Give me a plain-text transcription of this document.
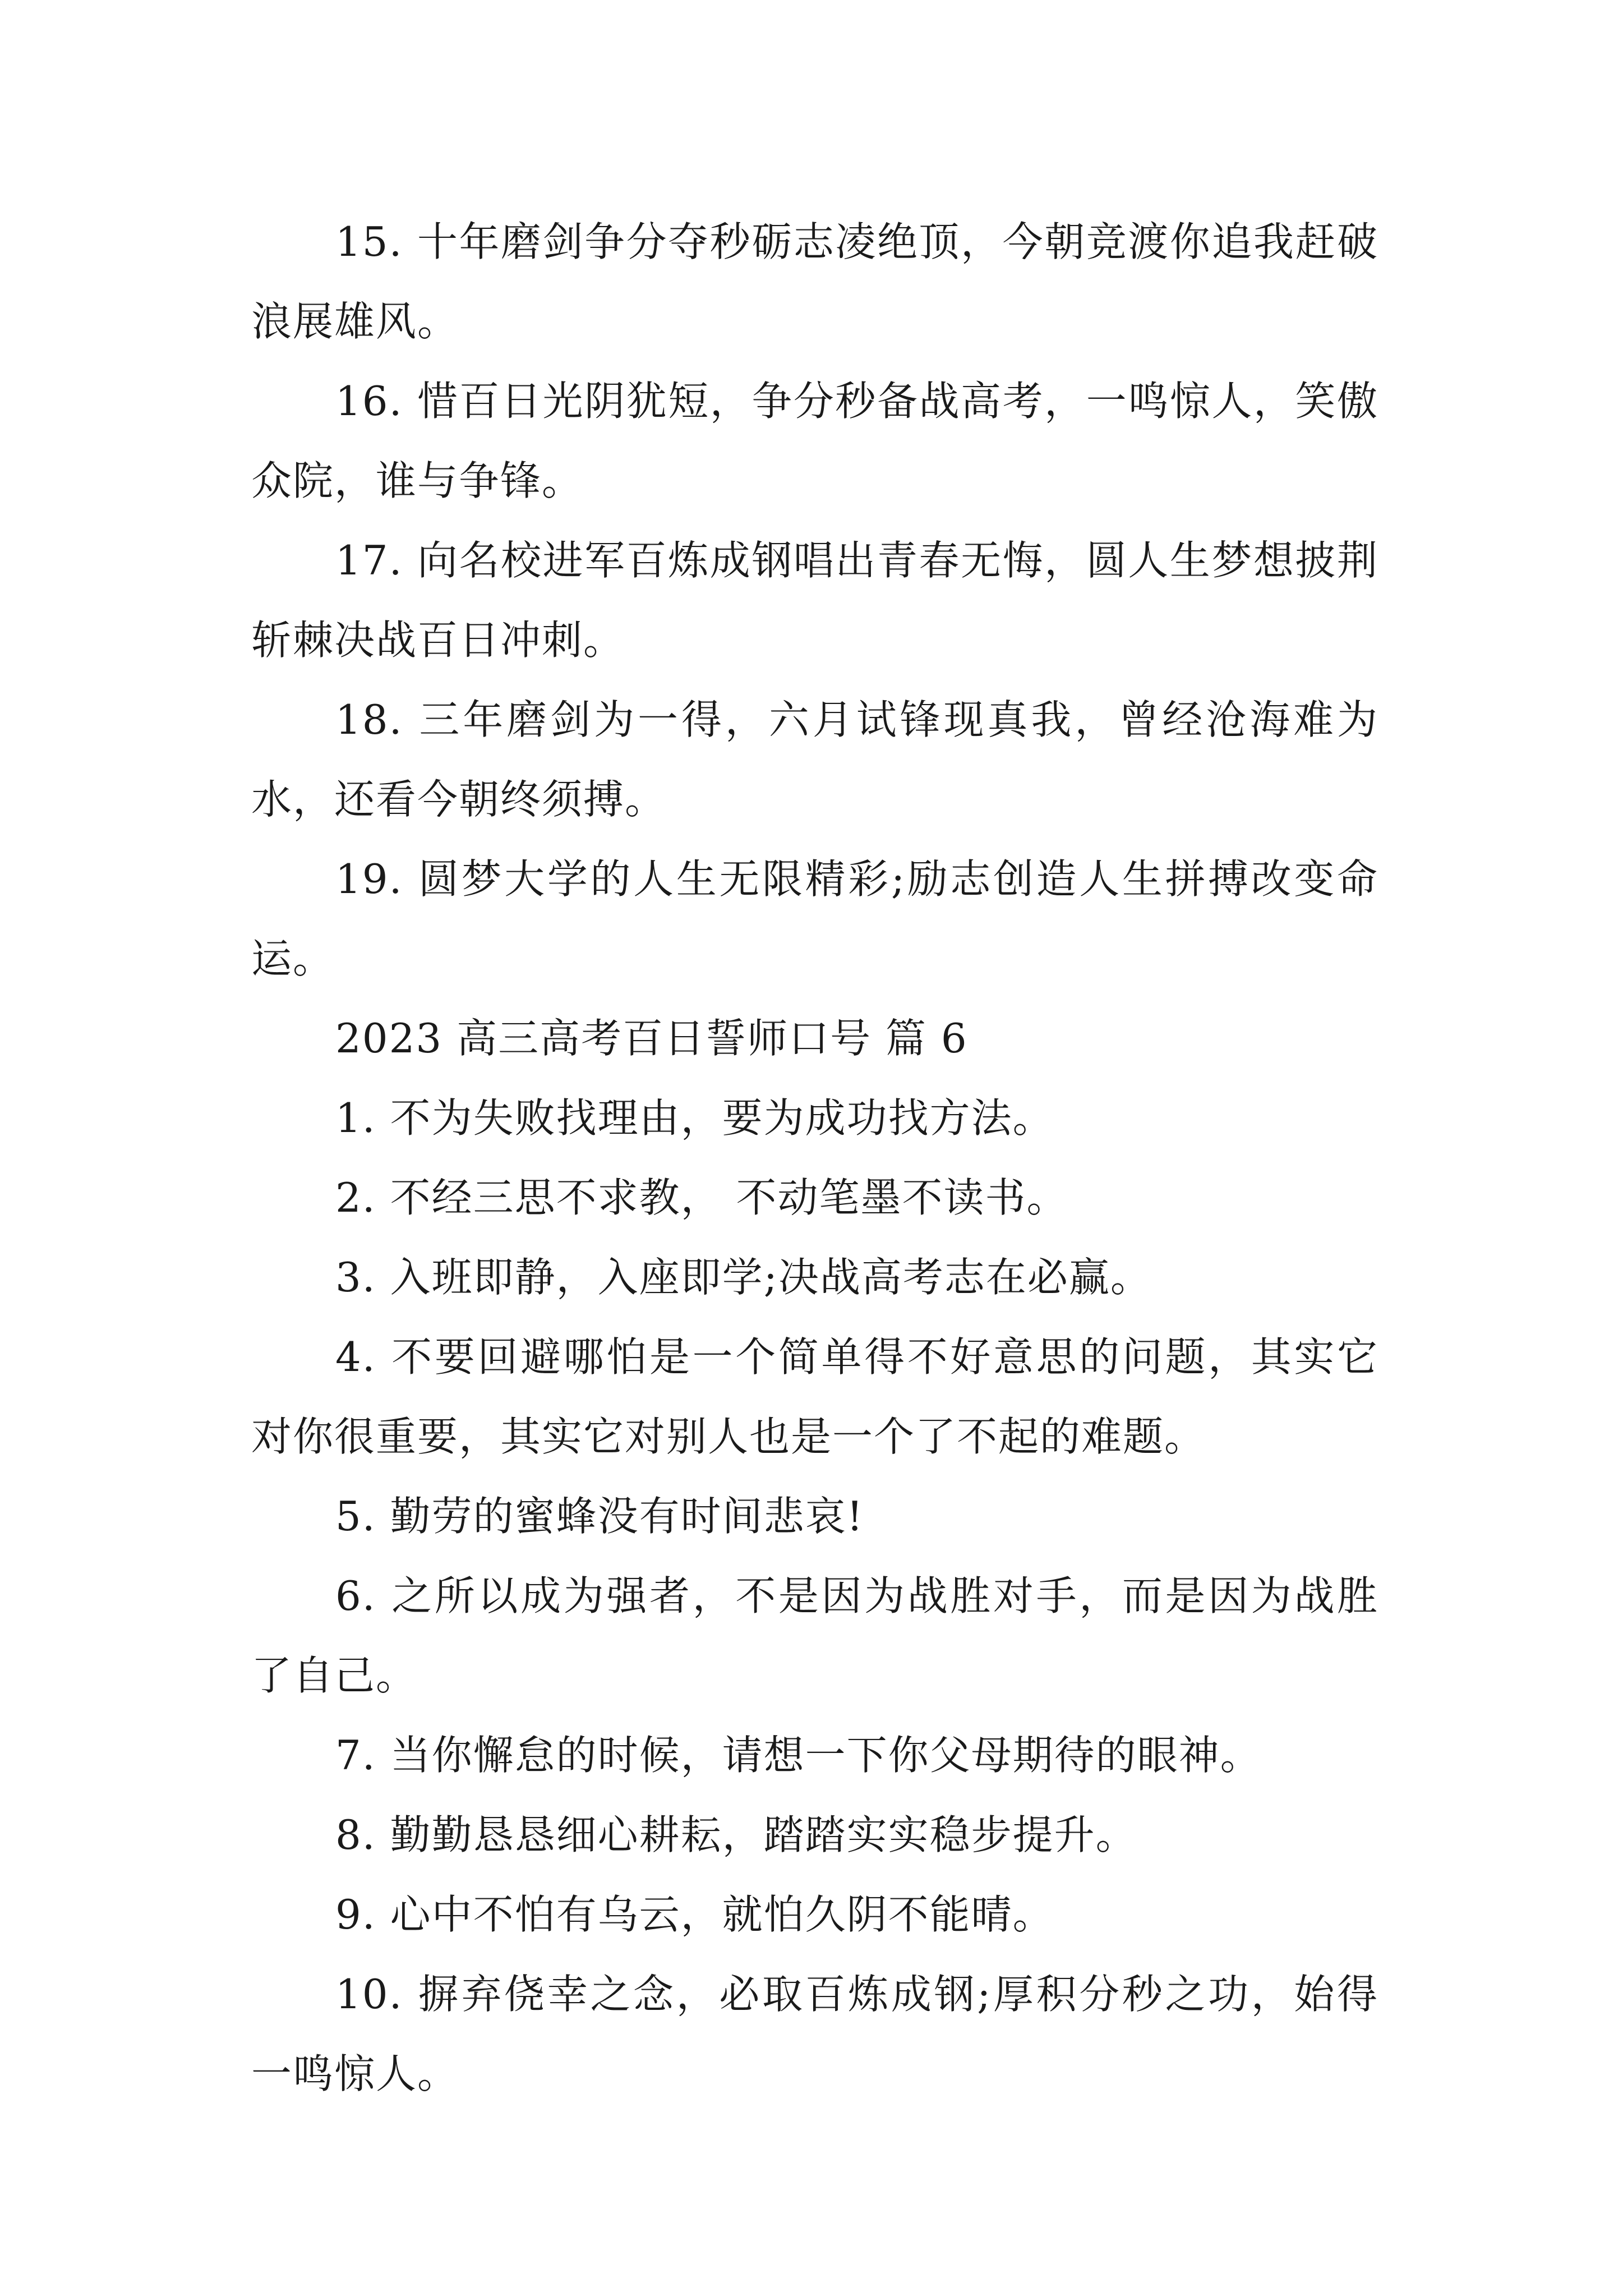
15. 十年磨剑争分夺秒砺志凌绝顶，今朝竞渡你追我赶破浪展雄风。

16. 惜百日光阴犹短，争分秒备战高考，一鸣惊人，笑傲众院，谁与争锋。

17. 向名校进军百炼成钢唱出青春无悔，圆人生梦想披荆斩棘决战百日冲刺。

18. 三年磨剑为一得，六月试锋现真我，曾经沧海难为水，还看今朝终须搏。

19. 圆梦大学的人生无限精彩;励志创造人生拼搏改变命运。

2023 高三高考百日誓师口号 篇 6

1. 不为失败找理由，要为成功找方法。

2. 不经三思不求教， 不动笔墨不读书。

3. 入班即静，入座即学;决战高考志在必赢。

4. 不要回避哪怕是一个简单得不好意思的问题，其实它对你很重要，其实它对别人也是一个了不起的难题。

5. 勤劳的蜜蜂没有时间悲哀!

6. 之所以成为强者，不是因为战胜对手，而是因为战胜了自己。

7. 当你懈怠的时候，请想一下你父母期待的眼神。

8. 勤勤恳恳细心耕耘，踏踏实实稳步提升。

9. 心中不怕有乌云，就怕久阴不能晴。

10. 摒弃侥幸之念，必取百炼成钢;厚积分秒之功，始得一鸣惊人。
